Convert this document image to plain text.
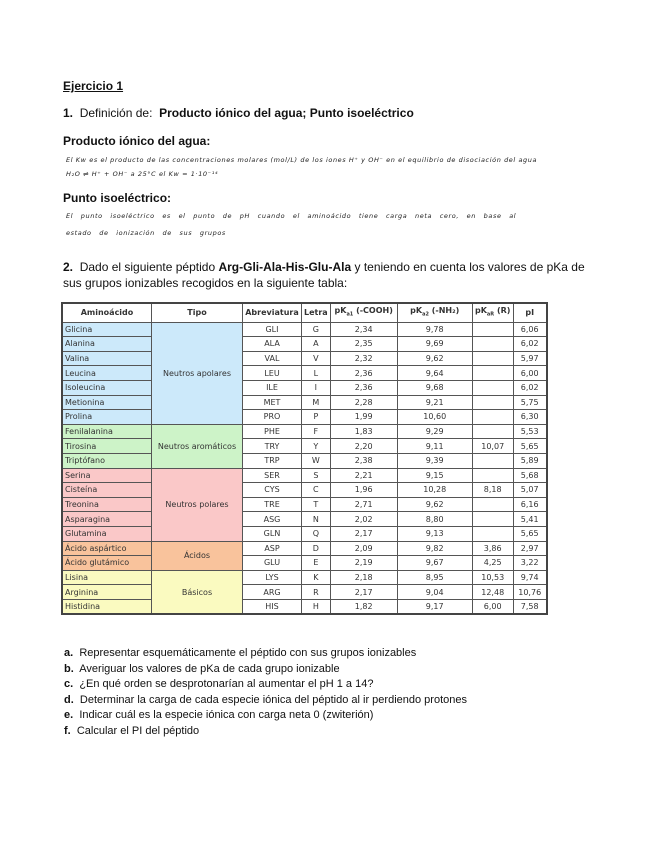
Ejercicio 1
1. Definición de: Producto iónico del agua; Punto isoeléctrico
Producto iónico del agua:
El Kw es el producto de las concentraciones molares (mol/L) de los iones H⁺ y OH⁻ en el equilibrio de disociación del agua
H₂O ⇌ H⁺ + OH⁻ a 25°C el Kw = 1·10⁻¹⁴
Punto isoeléctrico:
El punto isoeléctrico es el punto de pH cuando el aminoácido tiene carga neta cero, en base al
estado de ionización de sus grupos
2. Dado el siguiente péptido Arg-Gli-Ala-His-Glu-Ala y teniendo en cuenta los valores de pKa de
sus grupos ionizables recogidos en la siguiente tabla:
Aminoácido	Tipo	Abreviatura	Letra	$pK_{a1}$ (-COOH)	$pK_{a2}$ (-NH₂)	$pK_{aR}$ (R)	pI
Glicina	Neutros apolares	GLI	G	2,34	9,78		6,06
Alanina		ALA	A	2,35	9,69		6,02
Valina		VAL	V	2,32	9,62		5,97
Leucina		LEU	L	2,36	9,64		6,00
Isoleucina		ILE	I	2,36	9,68		6,02
Metionina		MET	M	2,28	9,21		5,75
Prolina		PRO	P	1,99	10,60		6,30
Fenilalanina	Neutros aromáticos	PHE	F	1,83	9,29		5,53
Tirosina		TRY	Y	2,20	9,11	10,07	5,65
Triptófano		TRP	W	2,38	9,39		5,89
Serina	Neutros polares	SER	S	2,21	9,15		5,68
Cisteína		CYS	C	1,96	10,28	8,18	5,07
Treonina		TRE	T	2,71	9,62		6,16
Asparagina		ASG	N	2,02	8,80		5,41
Glutamina		GLN	Q	2,17	9,13		5,65
Ácido aspártico	Ácidos	ASP	D	2,09	9,82	3,86	2,97
Ácido glutámico		GLU	E	2,19	9,67	4,25	3,22
Lisina	Básicos	LYS	K	2,18	8,95	10,53	9,74
Arginina		ARG	R	2,17	9,04	12,48	10,76
Histidina		HIS	H	1,82	9,17	6,00	7,58
a. Representar esquemáticamente el péptido con sus grupos ionizables
b. Averiguar los valores de pKa de cada grupo ionizable
c. ¿En qué orden se desprotonarían al aumentar el pH 1 a 14?
d. Determinar la carga de cada especie iónica del péptido al ir perdiendo protones
e. Indicar cuál es la especie iónica con carga neta 0 (zwiterión)
f. Calcular el PI del péptido
